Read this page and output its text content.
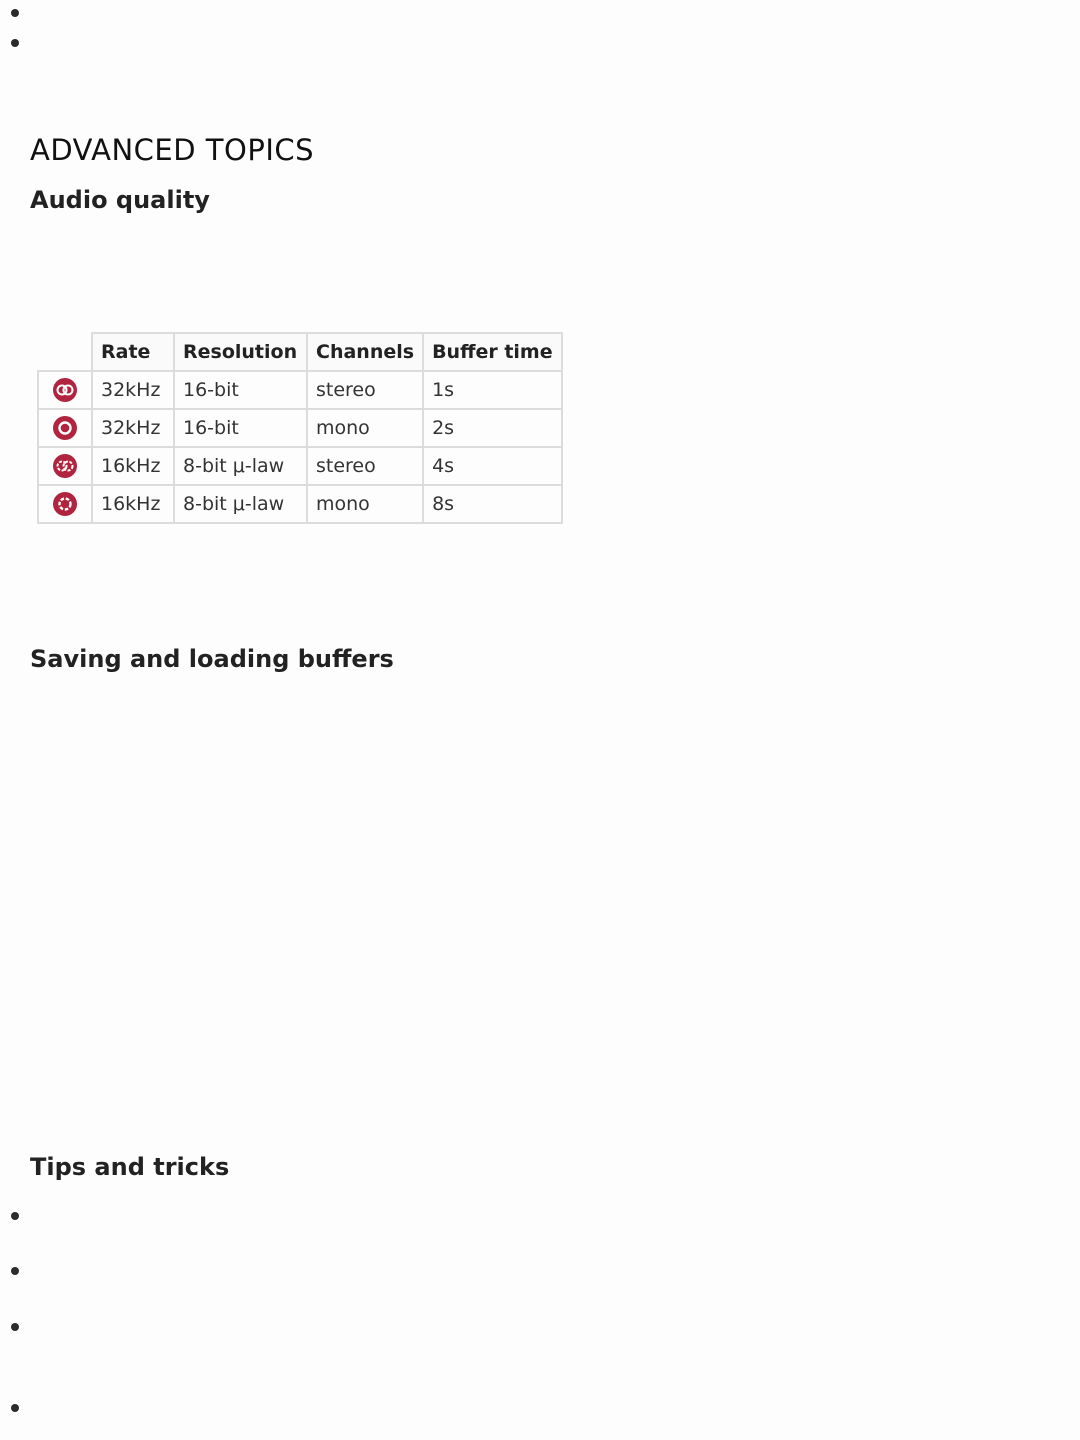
ADVANCED TOPICS
Audio quality
	Rate	Resolution	Channels	Buffer time
	32kHz	16-bit	stereo	1s
	32kHz	16-bit	mono	2s
	16kHz	8-bit μ-law	stereo	4s
	16kHz	8-bit μ-law	mono	8s
Saving and loading buffers
Tips and tricks
